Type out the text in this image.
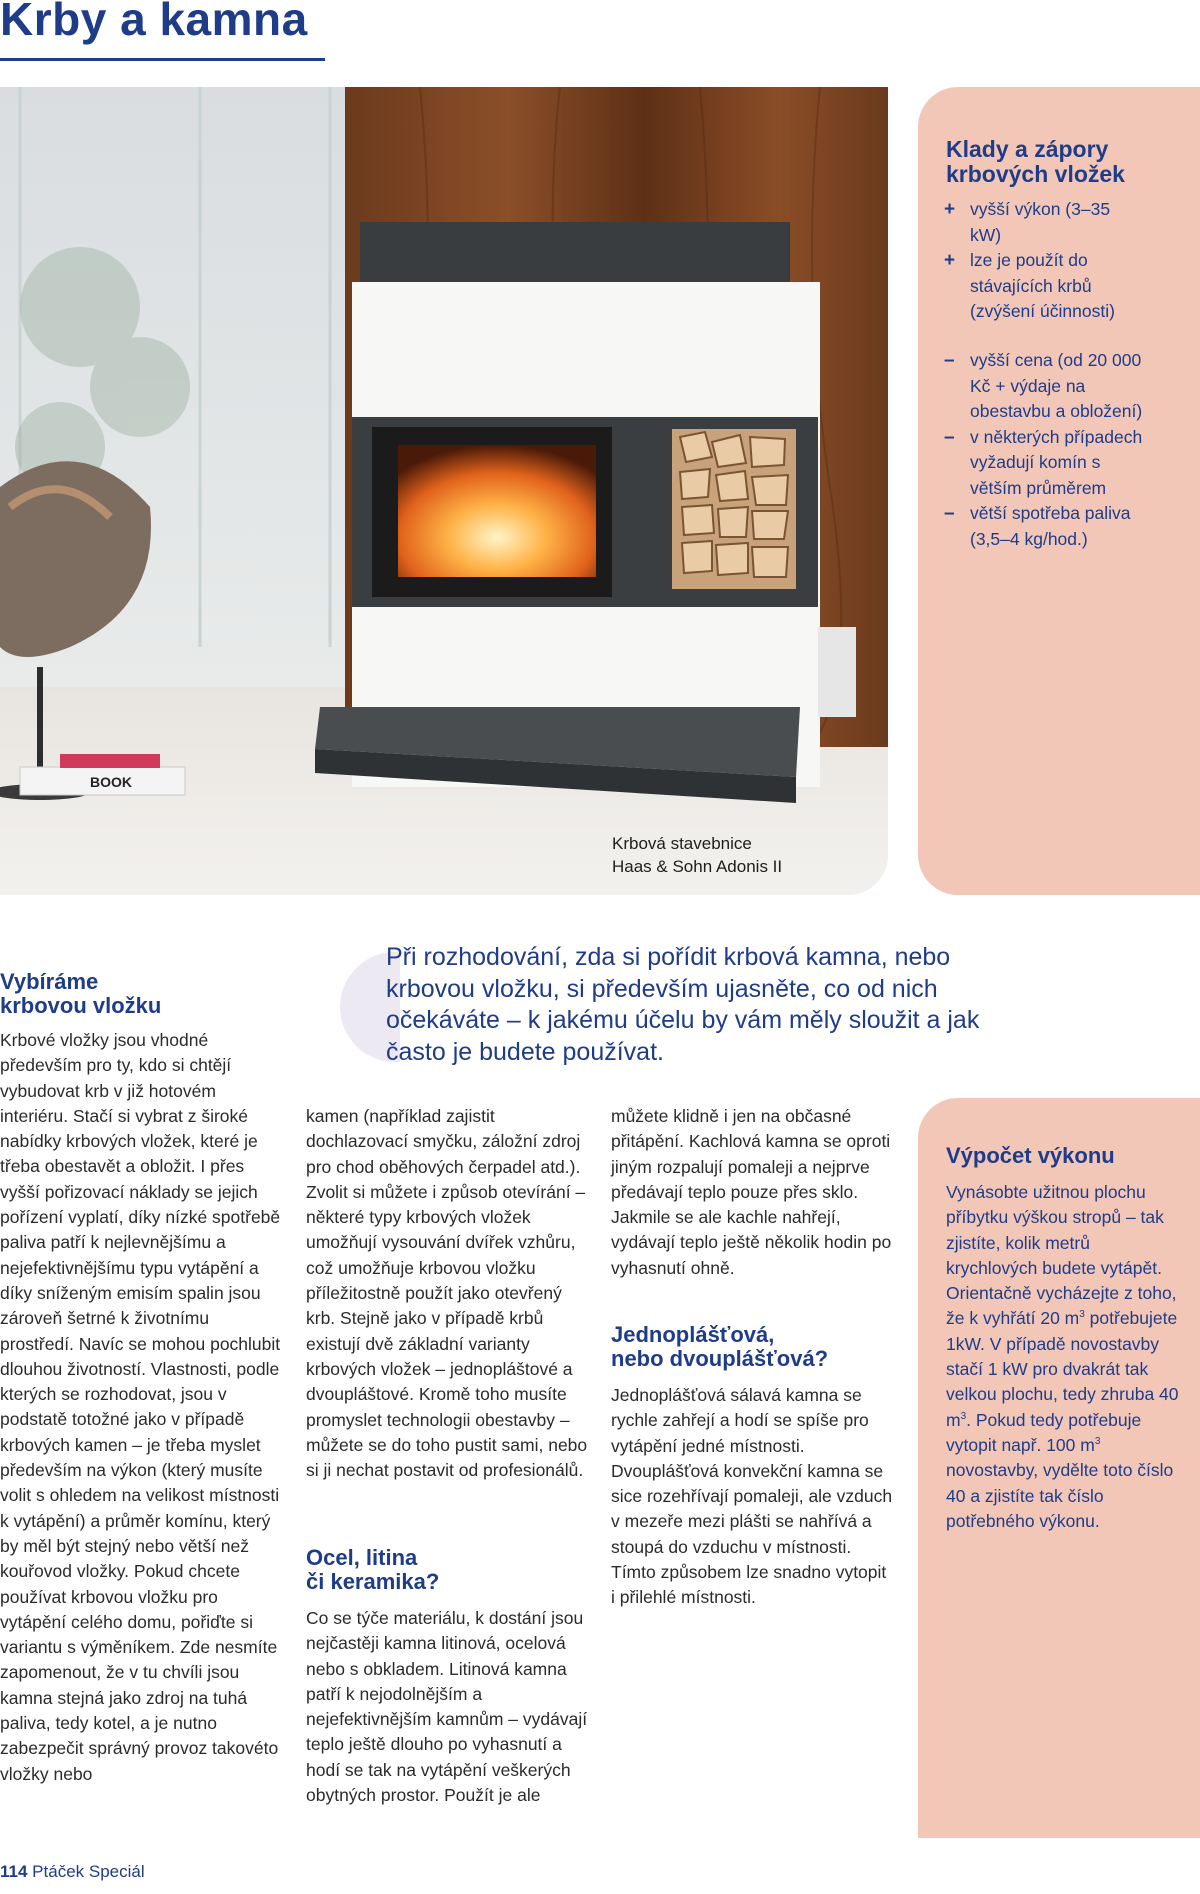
Krby a kamna
BOOK
Krbová stavebnice
Haas & Sohn Adonis II
Klady a zápory
krbových vložek
+ vyšší výkon (3–35 kW)
+ lze je použít do stávajících krbů (zvýšení účinnosti)
– vyšší cena (od 20 000 Kč + výdaje na obestavbu a obložení)
– v některých případech vyžadují komín s větším průměrem
– větší spotřeba paliva (3,5–4 kg/hod.)

Při rozhodování, zda si pořídit krbová kamna, nebo krbovou vložku, si především ujasněte, co od nich očekáváte – k jakému účelu by vám měly sloužit a jak často je budete používat.

Vybíráme
krbovou vložku
Krbové vložky jsou vhodné především pro ty, kdo si chtějí vybudovat krb v již hotovém interiéru. Stačí si vybrat z široké nabídky krbových vložek, které je třeba obestavět a obložit. I přes vyšší pořizovací náklady se jejich pořízení vyplatí, díky nízké spotřebě paliva patří k nejlevnějšímu a nejefektivnějšímu typu vytápění a díky sníženým emisím spalin jsou zároveň šetrné k životnímu prostředí. Navíc se mohou pochlubit dlouhou životností. Vlastnosti, podle kterých se rozhodovat, jsou v podstatě totožné jako v případě krbových kamen – je třeba myslet především na výkon (který musíte volit s ohledem na velikost místnosti k vytápění) a průměr komínu, který by měl být stejný nebo větší než kouřovod vložky. Pokud chcete používat krbovou vložku pro vytápění celého domu, pořiďte si variantu s výměníkem. Zde nesmíte zapomenout, že v tu chvíli jsou kamna stejná jako zdroj na tuhá paliva, tedy kotel, a je nutno zabezpečit správný provoz takovéto vložky nebo
kamen (například zajistit dochlazovací smyčku, záložní zdroj pro chod oběhových čerpadel atd.). Zvolit si můžete i způsob otevírání – některé typy krbových vložek umožňují vysouvání dvířek vzhůru, což umožňuje krbovou vložku příležitostně použít jako otevřený krb. Stejně jako v případě krbů existují dvě základní varianty krbových vložek – jednopláštové a dvoupláštové. Kromě toho musíte promyslet technologii obestavby – můžete se do toho pustit sami, nebo si ji nechat postavit od profesionálů.
Ocel, litina
či keramika?
Co se týče materiálu, k dostání jsou nejčastěji kamna litinová, ocelová nebo s obkladem. Litinová kamna patří k nejodolnějším a nejefektivnějším kamnům – vydávají teplo ještě dlouho po vyhasnutí a hodí se tak na vytápění veškerých obytných prostor. Použít je ale
můžete klidně i jen na občasné přitápění. Kachlová kamna se oproti jiným rozpalují pomaleji a nejprve předávají teplo pouze přes sklo. Jakmile se ale kachle nahřejí, vydávají teplo ještě několik hodin po vyhasnutí ohně.
Jednoplášťová,
nebo dvouplášťová?
Jednoplášťová sálavá kamna se rychle zahřejí a hodí se spíše pro vytápění jedné místnosti. Dvouplášťová konvekční kamna se sice rozehřívají pomaleji, ale vzduch v mezeře mezi plášti se nahřívá a stoupá do vzduchu v místnosti. Tímto způsobem lze snadno vytopit i přilehlé místnosti.
Výpočet výkonu
Vynásobte užitnou plochu příbytku výškou stropů – tak zjistíte, kolik metrů krychlových budete vytápět. Orientačně vycházejte z toho, že k vyhřátí 20 $m^3$ potřebujete 1kW. V případě novostavby stačí 1 kW pro dvakrát tak velkou plochu, tedy zhruba 40 $m^3$. Pokud tedy potřebuje vytopit např. 100 $m^3$ novostavby, vydělte toto číslo 40 a zjistíte tak číslo potřebného výkonu.
114 Ptáček Speciál
